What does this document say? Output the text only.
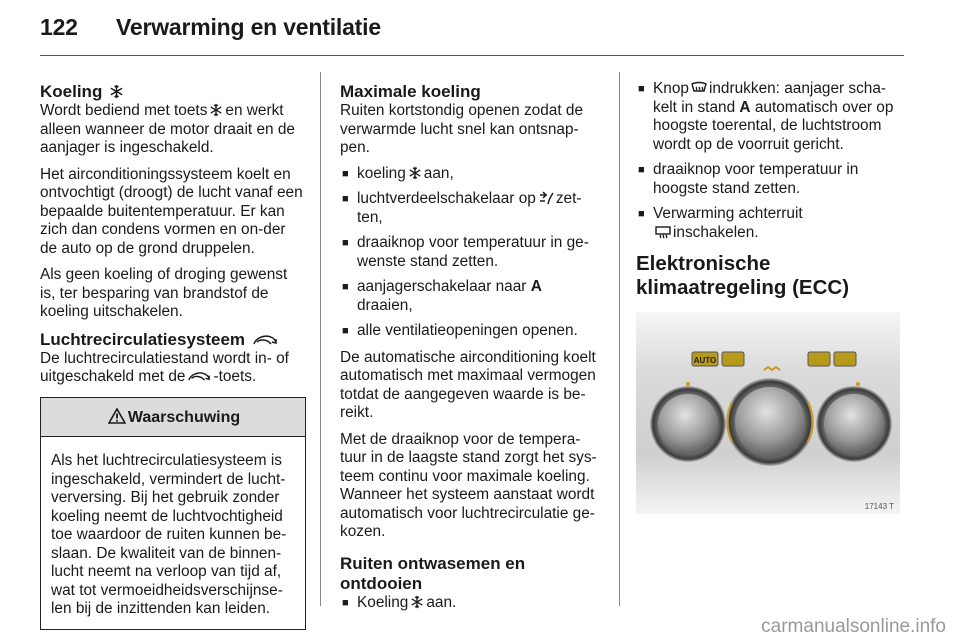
122 Verwarming en ventilatie
Koeling

Wordt bediend met toets en werkt alleen wanneer de motor draait en de aanjager is ingeschakeld.

Het airconditioningssysteem koelt en ontvochtigt (droogt) de lucht vanaf een bepaalde buitentemperatuur. Er kan zich dan condens vormen en on-der de auto op de grond druppelen.

Als geen koeling of droging gewenst is, ter besparing van brandstof de koeling uitschakelen.

Luchtrecirculatiesysteem

De luchtrecirculatiestand wordt in- of uitgeschakeld met de -toets.

Waarschuwing
Als het luchtrecirculatiesysteem is ingeschakeld, vermindert de lucht-verversing. Bij het gebruik zonder koeling neemt de luchtvochtigheid toe waardoor de ruiten kunnen be-slaan. De kwaliteit van de binnen-lucht neemt na verloop van tijd af, wat tot vermoeidheidsverschijnse-len bij de inzittenden kan leiden.
Maximale koeling

Ruiten kortstondig openen zodat de verwarmde lucht snel kan ontsnap-pen.

■ koeling aan,
■ luchtverdeelschakelaar op zet-ten,
■ draaiknop voor temperatuur in ge-wenste stand zetten.
■ aanjagerschakelaar naar A
draaien,
■ alle ventilatieopeningen openen.

De automatische airconditioning koelt automatisch met maximaal vermogen totdat de aangegeven waarde is be-reikt.

Met de draaiknop voor de tempera-tuur in de laagste stand zorgt het sys-teem continu voor maximale koeling. Wanneer het systeem aanstaat wordt automatisch voor luchtrecirculatie ge-kozen.

Ruiten ontwasemen en ontdooien
■ Koeling aan.
■ Knop indrukken: aanjager scha-kelt in stand A automatisch over op hoogste toerental, de luchtstroom wordt op de voorruit gericht.
■ draaiknop voor temperatuur in hoogste stand zetten.
■ Verwarming achterruit
inschakelen.
Elektronische klimaatregeling (ECC)
AUTO
17143 T
carmanualsonline.info
